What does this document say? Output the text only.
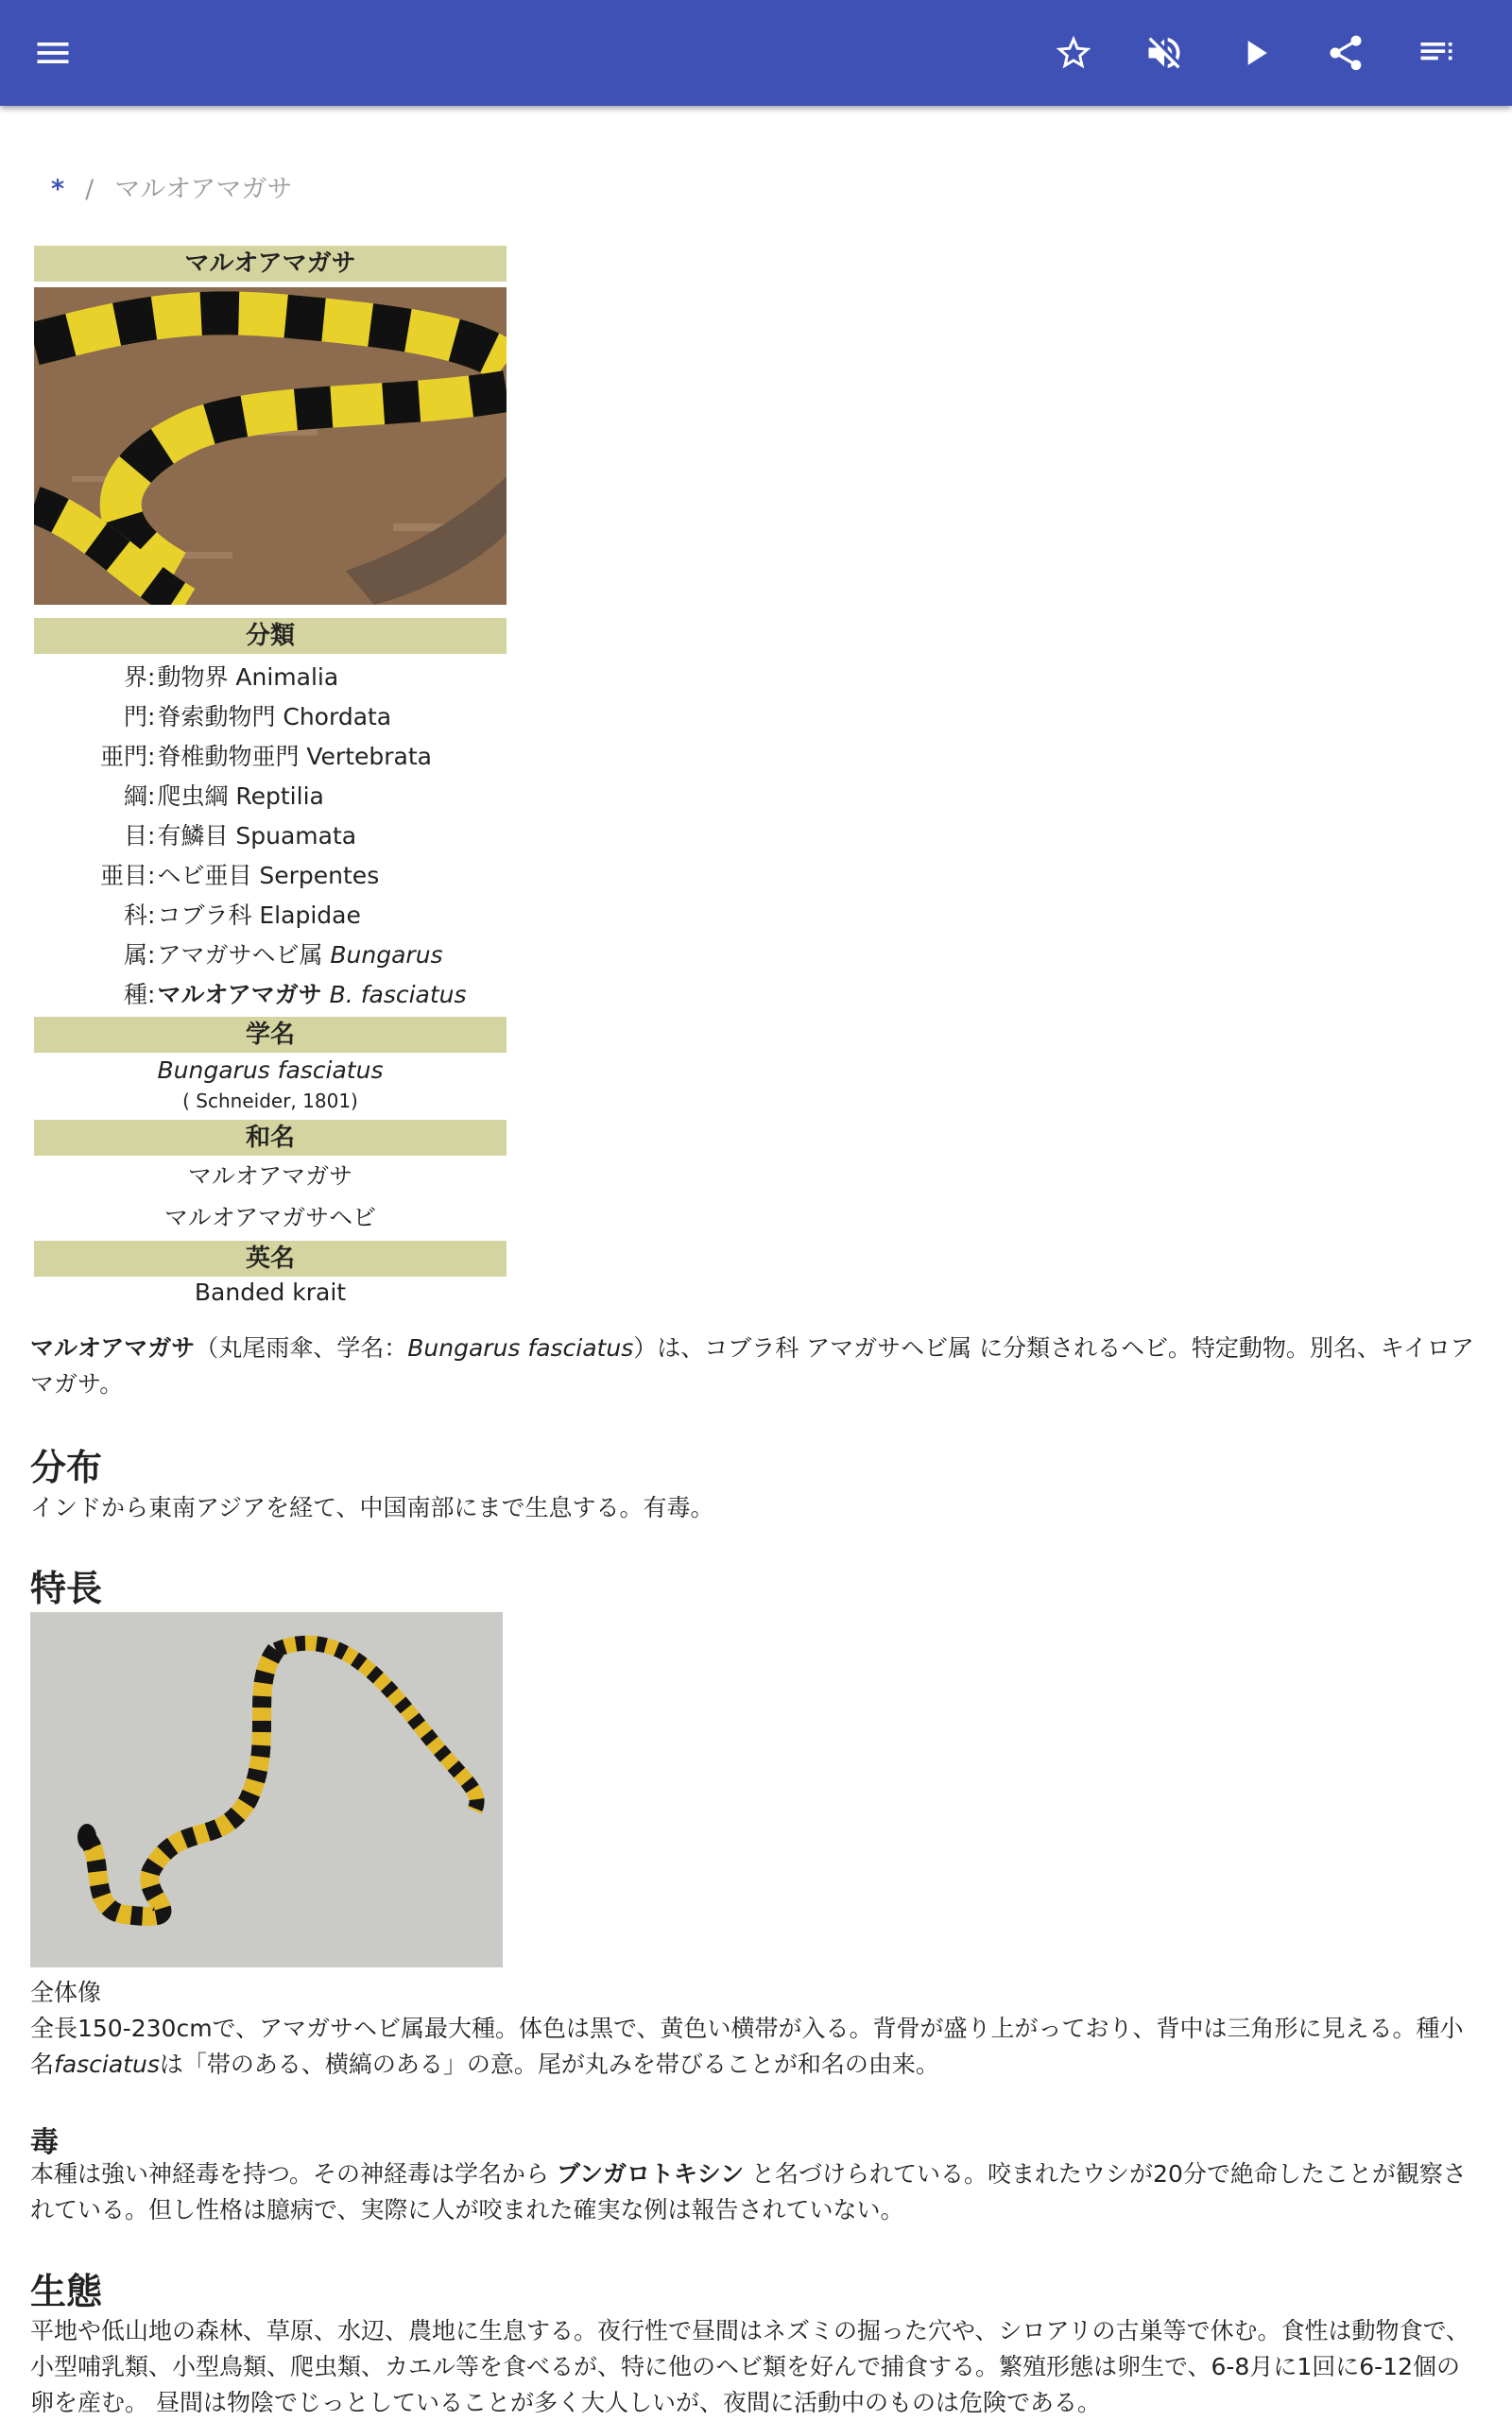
* / マルオアマガサ
マルオアマガサ
分類
界 : 動物界 Animalia
門 : 脊索動物門 Chordata
亜門 : 脊椎動物亜門 Vertebrata
綱 : 爬虫綱 Reptilia
目 : 有鱗目 Spuamata
亜目 : ヘビ亜目 Serpentes
科 : コブラ科 Elapidae
属 : アマガサヘビ属 Bungarus
種 : マルオアマガサ B. fasciatus
学名
Bungarus fasciatus
( Schneider, 1801)
和名
マルオアマガサ
マルオアマガサヘビ
英名
Banded krait
マルオアマガサ（丸尾雨傘、学名：Bungarus fasciatus）は、コブラ科 アマガサヘビ属 に分類されるヘビ。特定動物。別名、キイロアマガサ。
分布
インドから東南アジアを経て、中国南部にまで生息する。有毒。
特長
全体像
全長150-230cmで、アマガサヘビ属最大種。体色は黒で、黄色い横帯が入る。背骨が盛り上がっており、背中は三角形に見える。種小名fasciatusは「帯のある、横縞のある」の意。尾が丸みを帯びることが和名の由来。
毒
本種は強い神経毒を持つ。その神経毒は学名から ブンガロトキシン と名づけられている。咬まれたウシが20分で絶命したことが観察されている。但し性格は臆病で、実際に人が咬まれた確実な例は報告されていない。
生態
平地や低山地の森林、草原、水辺、農地に生息する。夜行性で昼間はネズミの掘った穴や、シロアリの古巣等で休む。食性は動物食で、小型哺乳類、小型鳥類、爬虫類、カエル等を食べるが、特に他のヘビ類を好んで捕食する。繁殖形態は卵生で、6-8月に1回に6-12個の卵を産む。 昼間は物陰でじっとしていることが多く大人しいが、夜間に活動中のものは危険である。
